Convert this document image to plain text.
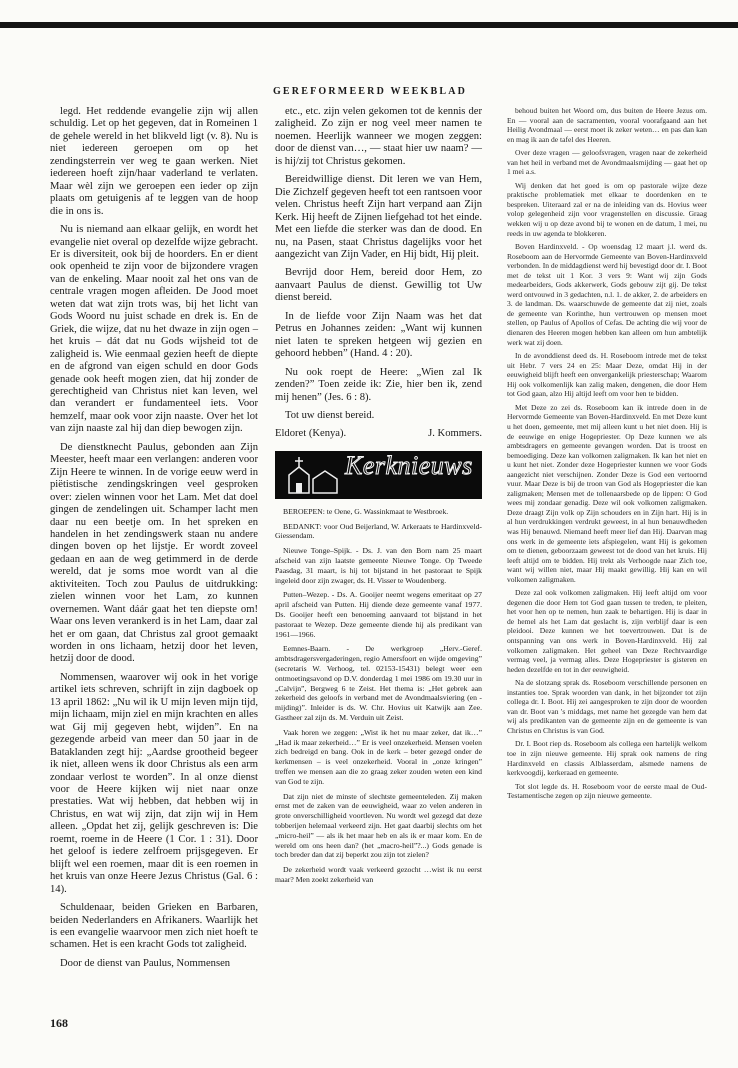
GEREFORMEERD WEEKBLAD

legd. Het reddende evangelie zijn wij allen schuldig. Let op het gegeven, dat in Romeinen 1 de gehele wereld in het blikveld ligt (v. 8). Nu is niet iedereen geroepen om op het zendingsterrein ver weg te gaan werken. Niet iedereen hoeft zijn/haar vaderland te verlaten. Maar wèl zijn we geroepen een ieder op zijn plaats om getuigenis af te leggen van de hoop die in ons is.

Nu is niemand aan elkaar gelijk, en wordt het evangelie niet overal op dezelfde wijze gebracht. Er is diversiteit, ook bij de hoorders. En er dient ook openheid te zijn voor de bijzondere vragen van de enkeling. Maar nooit zal het ons van de centrale vragen mogen afleiden. De Jood moet weten dat wat zijn trots was, bij het licht van Gods Woord nu juist schade en drek is. En de Griek, die wijze, dat nu het dwaze in zijn ogen – het kruis – dát dat nu Gods wijsheid tot de zaligheid is. Wie eenmaal gezien heeft de diepte en de afgrond van eigen schuld en door Gods genade ook heeft mogen zien, dat hij zonder de gerechtigheid van Christus niet kan leven, wel dan verandert er fundamenteel iets. Voor hemzelf, maar ook voor zijn naaste. Over het lot van zijn naaste zal hij dan diep bewogen zijn.

De dienstknecht Paulus, gebonden aan Zijn Meester, heeft maar een verlangen: anderen voor Zijn Heere te winnen. In de vorige eeuw werd in piëtistische zendingskringen veel gesproken over: zielen winnen voor het Lam. Met dat doel gingen de zendelingen uit. Schamper lacht men daar nu een beetje om. In het spreken en handelen in het zendingswerk staan nu andere dingen boven op het lijstje. Er wordt zoveel gedaan en aan de weg getimmerd in de derde wereld, dat je soms moe wordt van al die aktiviteiten. Toch zou Paulus de uitdrukking: zielen winnen voor het Lam, zo kunnen overnemen. Want dáár gaat het ten diepste om! Waar ons leven verankerd is in het Lam, daar zal het er om gaan, dat Christus zal groot gemaakt worden in ons lichaam, hetzij door het leven, hetzij door de dood.

Nommensen, waarover wij ook in het vorige artikel iets schreven, schrijft in zijn dagboek op 13 april 1862: „Nu wil ik U mijn leven mijn tijd, mijn lichaam, mijn ziel en mijn krachten en alles wat Gij mij gegeven hebt, wijden”. En na gezegende arbeid van meer dan 50 jaar in de Bataklanden zegt hij: „Aardse grootheid begeer ik niet, alleen wens ik door Christus als een arm zondaar verlost te worden”. In al onze dienst voor de Heere kijken wij niet naar onze prestaties. Wat wij hebben, dat hebben wij in Christus, en wat wij zijn, dat zijn wij in Hem alleen. „Opdat het zij, gelijk geschreven is: Die roemt, roeme in de Heere (1 Cor. 1 : 31). Door het geloof is iedere zelfroem prijsgegeven. Er blijft wel een roemen, maar dit is een roemen in het kruis van onze Heere Jezus Christus (Gal. 6 : 14).

Schuldenaar, beiden Grieken en Barbaren, beiden Nederlanders en Afrikaners. Waarlijk het is een evangelie waarvoor men zich niet hoeft te schamen. Het is een kracht Gods tot zaligheid.

Door de dienst van Paulus, Nommensen

etc., etc. zijn velen gekomen tot de kennis der zaligheid. Zo zijn er nog veel meer namen te noemen. Heerlijk wanneer we mogen zeggen: door de dienst van…, — staat hier uw naam? — is hij/zij tot Christus gekomen.

Bereidwillige dienst. Dit leren we van Hem, Die Zichzelf gegeven heeft tot een rantsoen voor velen. Christus heeft Zijn hart verpand aan Zijn Kerk. Hij heeft de Zijnen liefgehad tot het einde. Met een liefde die sterker was dan de dood. En nu, na Pasen, staat Christus dagelijks voor het aangezicht van Zijn Vader, en Hij bidt, Hij pleit.

Bevrijd door Hem, bereid door Hem, zo aanvaart Paulus de dienst. Gewillig tot Uw dienst bereid.

In de liefde voor Zijn Naam was het dat Petrus en Johannes zeiden: „Want wij kunnen niet laten te spreken hetgeen wij gezien en gehoord hebben” (Hand. 4 : 20).

Nu ook roept de Heere: „Wien zal Ik zenden?” Toen zeide ik: Zie, hier ben ik, zend mij henen” (Jes. 6 : 8).

Tot uw dienst bereid.

Eldoret (Kenya).	J. Kommers.

Kerknieuws

BEROEPEN: te Oene, G. Wassinkmaat te Westbroek.

BEDANKT: voor Oud Beijerland, W. Arkeraats te Hardinxveld-Giessendam.

Nieuwe Tonge–Spijk. - Ds. J. van den Born nam 25 maart afscheid van zijn laatste gemeente Nieuwe Tonge. Op Tweede Paasdag, 31 maart, is hij tot bijstand in het pastoraat te Spijk ingeleid door zijn zwager, ds. H. Visser te Woudenberg.

Putten–Wezep. - Ds. A. Gooijer neemt wegens emeritaat op 27 april afscheid van Putten. Hij diende deze gemeente vanaf 1977. Ds. Gooijer heeft een benoeming aanvaard tot bijstand in het pastoraat te Wezep. Deze gemeente diende hij als predikant van 1961—1966.

Eemnes-Baarn. - De werkgroep „Herv.-Geref. ambtsdragersvergaderingen, regio Amersfoort en wijde omgeving” (secretaris W. Verhoog, tel. 02153-15431) belegt weer een ontmoetingsavond op D.V. donderdag 1 mei 1986 om 19.30 uur in „Calvijn”, Bergweg 6 te Zeist. Het thema is: „Het gebrek aan zekerheid des geloofs in verband met de Avondmaalsviering (en -mijding)”. Inleider is ds. W. Chr. Hovius uit Katwijk aan Zee. Gastheer zal zijn ds. M. Verduin uit Zeist.

Vaak horen we zeggen: „Wist ik het nu maar zeker, dat ik…” „Had ik maar zekerheid…” Er is veel onzekerheid. Mensen voelen zich bedreigd en bang. Ook in de kerk – beter gezegd onder de kerkmensen – is veel onzekerheid. Vooral in „onze kringen” treffen we mensen aan die zo graag zeker zouden weten een kind van God te zijn.

Dat zijn niet de minste of slechtste gemeenteleden. Zij maken ernst met de zaken van de eeuwigheid, waar zo velen anderen in grote onverschilligheid voortleven. Nu wordt wel gezegd dat deze tobberijen helemaal verkeerd zijn. Het gaat daarbij slechts om het „micro-heil” — als ik het maar heb en als ik er maar kom. En de wereld om ons heen dan? (het „macro-heil”?...) Gods genade is toch breder dan dat zij beperkt zou zijn tot zielen?

De zekerheid wordt vaak verkeerd gezocht …wist ik nu eerst maar? Men zoekt zekerheid van

behoud buiten het Woord om, dus buiten de Heere Jezus om. En — vooral aan de sacramenten, vooral voorafgaand aan het Heilig Avondmaal — eerst moet ik zeker weten… en pas dan kan en mag ik aan de tafel des Heeren.

Over deze vragen — geloofsvragen, vragen naar de zekerheid van het heil in verband met de Avondmaalsmijding — gaat het op 1 mei a.s.

Wij denken dat het goed is om op pastorale wijze deze praktische problematiek met elkaar te doordenken en te bespreken. Uiteraard zal er na de inleiding van ds. Hovius weer volop gelegenheid zijn voor vragenstellen en discussie. Graag wekken wij u op deze avond bij te wonen en de datum, 1 mei, nu reeds in uw agenda te blokkeren.

Boven Hardinxveld. - Op woensdag 12 maart j.l. werd ds. Roseboom aan de Hervormde Gemeente van Boven-Hardinxveld verbonden. In de middagdienst werd hij bevestigd door dr. I. Boot met de tekst uit 1 Kor. 3 vers 9: Want wij zijn Gods medearbeiders, Gods akkerwerk, Gods gebouw zijt gij. De tekst werd ontvouwd in 3 gedachten, n.l. 1. de akker, 2. de arbeiders en 3. de landman. Ds. waarschuwde de gemeente dat zij niet, zoals de gemeente van Korinthe, hun vertrouwen op mensen moet stellen, op Paulus of Apollos of Cefas. De achting die wij voor de dienaren des Heeren mogen hebben kan alleen om hun ambtelijk werk wat zij doen.

In de avonddienst deed ds. H. Roseboom intrede met de tekst uit Hebr. 7 vers 24 en 25: Maar Deze, omdat Hij in der eeuwigheid blijft heeft een onvergankelijk priesterschap; Waarom Hij ook volkomenlijk kan zalig maken, dengenen, die door Hem tot God gaan, alzo Hij altijd leeft om voor hen te bidden.

Met Deze zo zei ds. Roseboom kan ik intrede doen in de Hervormde Gemeente van Boven-Hardinxveld. En met Deze kunt u het doen, gemeente, met mij alleen kunt u het niet doen. Hij is de eeuwige en enige Hogepriester. Op Deze kunnen we als ambtsdragers en gemeente gevangen worden. Dat is troost en bemoediging. Deze kan volkomen zaligmaken. Ik kan het niet en u kunt het niet. Zonder deze Hogepriester kunnen we voor Gods aangezicht niet verschijnen. Zonder Deze is God een vertoornd vuur. Maar Deze is bij de troon van God als Hogepriester die kan zaligmaken; Mensen met de tollenaarsbede op de lippen: O God wees mij zondaar genadig. Deze wil ook volkomen zaligmaken. Deze draagt Zijn volk op Zijn schouders en in Zijn hart. Hij is in al hun verdrukkingen verdrukt geweest, in al hun benauwdheden was Hij benauwd. Niemand heeft meer lief dan Hij. Daarvan mag ons werk in de gemeente iets afspiegelen, want Hij is gekomen om te dienen, geboorzaam geweest tot de dood van het kruis. Hij leeft altijd om te bidden. Hij trekt als Verhoogde naar Zich toe, want wij willen niet, maar Hij maakt gewillig. Hij kan en wil volkomen zaligmaken.

Deze zal ook volkomen zaligmaken. Hij leeft altijd om voor degenen die door Hem tot God gaan tussen te treden, te pleiten, het voor hen op te nemen, hun zaak te behartigen. Hij is daar in de hemel als het Lam dat geslacht is, zijn verblijf daar is een pleidooi. Deze kunnen we het toevertrouwen. Dat is de ontspanning van ons werk in Boven-Hardinxveld. Hij zal volkomen zaligmaken. Het geheel van Deze Rechtvaardige vermag veel, ja vermag alles. Deze Hogepriester is gisteren en heden dezelfde en tot in der eeuwigheid.

Na de slotzang sprak ds. Roseboom verschillende personen en instanties toe. Sprak woorden van dank, in het bijzonder tot zijn collega dr. I. Boot. Hij zei aangesproken te zijn door de woorden van dr. Boot van 's middags, met name het gezegde van hem dat wij als predikanten van de gemeente zijn en de gemeente is van Christus en Christus is van God.

Dr. I. Boot riep ds. Roseboom als collega een hartelijk welkom toe in zijn nieuwe gemeente. Hij sprak ook namens de ring Hardinxveld en classis Alblasserdam, alsmede namens de kerkvoogdij, kerkeraad en gemeente.

Tot slot legde ds. H. Roseboom voor de eerste maal de Oud-Testamentische zegen op zijn nieuwe gemeente.

168
